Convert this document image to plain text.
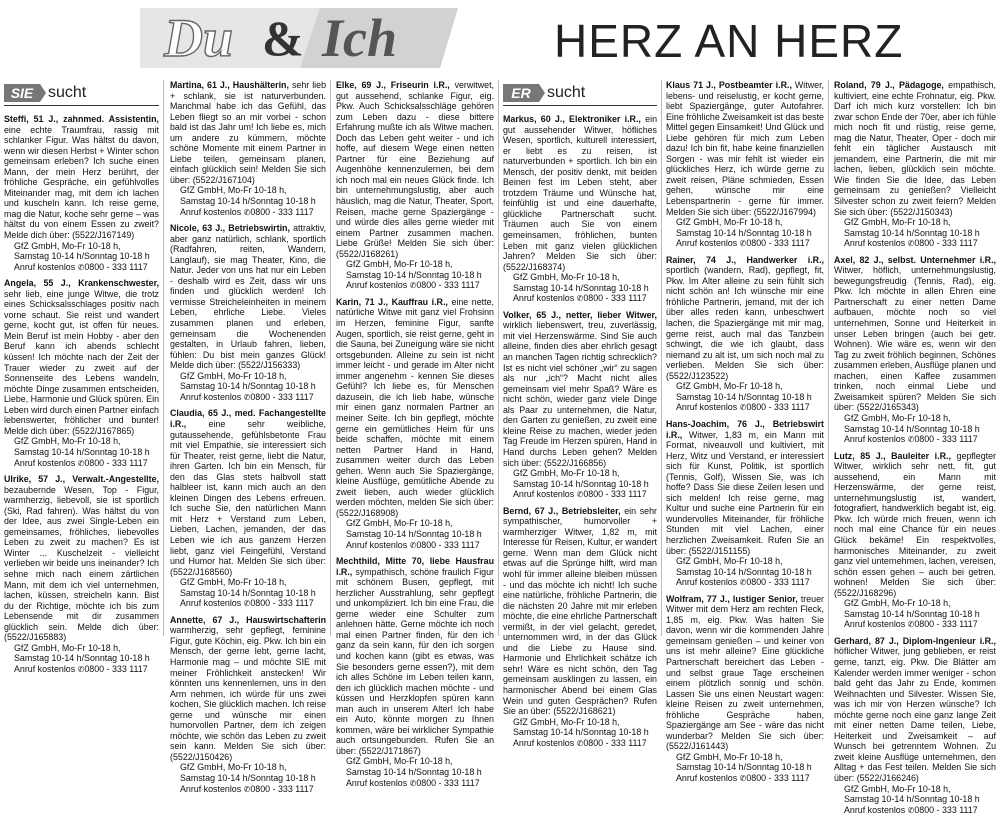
Du & Ich	HERZ AN HERZ
SIE sucht

Steffi, 51 J., zahnmed. Assistentin, eine echte Traumfrau, rassig mit schlanker Figur. Was hältst du davon, wenn wir diesen Herbst + Winter schon gemeinsam erleben? Ich suche einen Mann, der mein Herz berührt, der fröhliche Gespräche, ein gefühlvolles Miteinander mag, mit dem ich lachen und kuscheln kann. Ich reise gerne, mag die Natur, koche sehr gerne – was hältst du von einem Essen zu zweit? Melde dich über: (5522/J167149)

GfZ GmbH, Mo-Fr 10-18 h,
Samstag 10-14 h/Sonntag 10-18 h
Anruf kostenlos ✆0800 - 333 1117

Angela, 55 J., Krankenschwester, sehr lieb, eine junge Witwe, die trotz eines Schicksalsschlages positiv nach vorne schaut. Sie reist und wandert gerne, kocht gut, ist offen für neues. Mein Beruf ist mein Hobby - aber den Beruf kann ich abends schlecht küssen! Ich möchte nach der Zeit der Trauer wieder zu zweit auf der Sonnenseite des Lebens wandeln, möchte Dinge zusammen entscheiden, Liebe, Harmonie und Glück spüren. Ein Leben wird durch einen Partner einfach lebenswerter, fröhlicher und bunter! Melde dich über: (5522/J167865)

GfZ GmbH, Mo-Fr 10-18 h,
Samstag 10-14 h/Sonntag 10-18 h
Anruf kostenlos ✆0800 - 333 1117

Ulrike, 57 J., Verwalt.-Angestellte, bezaubernde Wesen, Top - Figur, warmherzig, liebevoll, sie ist sportlich (Ski, Rad fahren). Was hältst du von der Idee, aus zwei Single-Leben ein gemeinsames, fröhliches, liebevolles Leben zu zweit zu machen? Es ist Winter ... Kuschelzeit - vielleicht verlieben wir beide uns ineinander? Ich sehne mich nach einem zärtlichen Mann, mit dem ich viel unternehmen, lachen, küssen, streicheln kann. Bist du der Richtige, möchte ich bis zum Lebensende mit dir zusammen glücklich sein. Melde dich über: (5522/J165883)

GfZ GmbH, Mo-Fr 10-18 h,
Samstag 10-14 h/Sonntag 10-18 h
Anruf kostenlos ✆0800 - 333 1117

Martina, 61 J., Haushälterin, sehr lieb + schlank, sie ist naturverbunden. Manchmal habe ich das Gefühl, das Leben fliegt so an mir vorbei - schon bald ist das Jahr um! Ich liebe es, mich um andere zu kümmern, möchte schöne Momente mit einem Partner in Liebe teilen, gemeinsam planen, einfach glücklich sein! Melden Sie sich über: (5522/J167104)

GfZ GmbH, Mo-Fr 10-18 h,
Samstag 10-14 h/Sonntag 10-18 h
Anruf kostenlos ✆0800 - 333 1117

Nicole, 63 J., Betriebswirtin, attraktiv, aber ganz natürlich, schlank, sportlich (Radfahren, reiten, Wandern, Langlauf), sie mag Theater, Kino, die Natur. Jeder von uns hat nur ein Leben - deshalb wird es Zeit, dass wir uns finden und glücklich werden! Ich vermisse Streicheleinheiten in meinem Leben, ehrliche Liebe. Vieles zusammen planen und erleben, gemeinsam die Wochenenden gestalten, in Urlaub fahren, lieben, fühlen: Du bist mein ganzes Glück! Melde dich über: (5522/J156333)

GfZ GmbH, Mo-Fr 10-18 h,
Samstag 10-14 h/Sonntag 10-18 h
Anruf kostenlos ✆0800 - 333 1117

Claudia, 65 J., med. Fachangestellte i.R., eine sehr weibliche, gutaussehende, gefühlsbetonte Frau mit viel Empathie, sie interessiert sich für Theater, reist gerne, liebt die Natur, ihren Garten. Ich bin ein Mensch, für den das Glas stets halbvoll statt halbleer ist, kann mich auch an den kleinen Dingen des Lebens erfreuen. Ich suche Sie, den natürlichen Mann mit Herz + Verstand zum Leben, Lieben, Lachen, jemanden, der das Leben wie ich aus ganzem Herzen liebt, ganz viel Feingefühl, Verstand und Humor hat. Melden Sie sich über: (5522/J168560)

GfZ GmbH, Mo-Fr 10-18 h,
Samstag 10-14 h/Sonntag 10-18 h
Anruf kostenlos ✆0800 - 333 1117

Annette, 67 J., Hauswirtschafterin warmherzig, sehr gepflegt, feminine Figur, gute Köchin, eig. Pkw. Ich bin ein Mensch, der gerne lebt, gerne lacht, Harmonie mag – und möchte SIE mit meiner Fröhlichkeit anstecken! Wir könnten uns kennenlernen, uns in den Arm nehmen, ich würde für uns zwei kochen, Sie glücklich machen. Ich reise gerne und wünsche mir einen humorvollen Partner, dem ich zeigen möchte, wie schön das Leben zu zweit sein kann. Melden Sie sich über: (5522/J150426)

GfZ GmbH, Mo-Fr 10-18 h,
Samstag 10-14 h/Sonntag 10-18 h
Anruf kostenlos ✆0800 - 333 1117

Elke, 69 J., Friseurin i.R., verwitwet, gut aussehend, schlanke Figur, eig. Pkw. Auch Schicksalsschläge gehören zum Leben dazu - diese bittere Erfahrung mußte ich als Witwe machen. Doch das Leben geht weiter - und ich hoffe, auf diesem Wege einen netten Partner für eine Beziehung auf Augenhöhe kennenzulernen, bei dem ich noch mal ein neues Glück finde. Ich bin unternehmungslustig, aber auch häuslich, mag die Natur, Theater, Sport, Reisen, mache gerne Spaziergänge - und würde dies alles gerne wieder mit einem Partner zusammen machen. Liebe Grüße! Melden Sie sich über: (5522/J168261)

GfZ GmbH, Mo-Fr 10-18 h,
Samstag 10-14 h/Sonntag 10-18 h
Anruf kostenlos ✆0800 - 333 1117

Karin, 71 J., Kauffrau i.R., eine nette, natürliche Witwe mit ganz viel Frohsinn im Herzen, feminine Figur, sanfte Augen, sportlich, sie reist gerne, geht in die Sauna, bei Zuneigung wäre sie nicht ortsgebunden. Alleine zu sein ist nicht immer leicht - und gerade im Alter nicht immer angenehm - kennen Sie dieses Gefühl? Ich liebe es, für Menschen dazusein, die ich lieb habe, wünsche mir einen ganz normalen Partner an meiner Seite. Ich bin gepflegt, möchte gerne ein gemütliches Heim für uns beide schaffen, möchte mit einem netten Partner Hand in Hand, zusammen weiter durch das Leben gehen. Wenn auch Sie Spaziergänge, kleine Ausflüge, gemütliche Abende zu zweit lieben, auch wieder glücklich werden möchten, melden Sie sich über: (5522/J168908)

GfZ GmbH, Mo-Fr 10-18 h,
Samstag 10-14 h/Sonntag 10-18 h
Anruf kostenlos ✆0800 - 333 1117

Mechthild, Mitte 70, liebe Hausfrau i.R., sympathisch, schöne fraulich Figur mit schönem Busen, gepflegt, mit herzlicher Ausstrahlung, sehr gepflegt und unkompliziert. Ich bin eine Frau, die gerne wieder eine Schulter zum anlehnen hätte. Gerne möchte ich noch mal einen Partner finden, für den ich ganz da sein kann, für den ich sorgen und kochen kann (gibt es etwas, was Sie besonders gerne essen?), mit dem ich alles Schöne im Leben teilen kann, den ich glücklich machen möchte - und küssen und Herzklopfen spüren kann man auch in unserem Alter! Ich habe ein Auto, könnte morgen zu Ihnen kommen, wäre bei wirklicher Sympathie auch ortsungebunden. Rufen Sie an über: (5522/J171867)

GfZ GmbH, Mo-Fr 10-18 h,
Samstag 10-14 h/Sonntag 10-18 h
Anruf kostenlos ✆0800 - 333 1117
ER	sucht

Markus, 60 J., Elektroniker i.R., ein gut aussehender Witwer, höfliches Wesen, sportlich, kulturell interessiert, er liebt es zu reisen, ist naturverbunden + sportlich. Ich bin ein Mensch, der positiv denkt, mit beiden Beinen fest im Leben steht, aber trotzdem Träume und Wünsche hat, feinfühlig ist und eine dauerhafte, glückliche Partnerschaft sucht. Träumen auch Sie von einem gemeinsamen, fröhlichen, bunten Leben mit ganz vielen glücklichen Jahren? Melden Sie sich über: (5522/J168374)

GfZ GmbH, Mo-Fr 10-18 h,
Samstag 10-14 h/Sonntag 10-18 h
Anruf kostenlos ✆0800 - 333 1117

Volker, 65 J., netter, lieber Witwer, wirklich liebenswert, treu, zuverlässig, mit viel Herzenswärme. Sind Sie auch alleine, finden dies aber ehrlich gesagt an manchen Tagen richtig schrecklich? Ist es nicht viel schöner „wir“ zu sagen als nur „ich“? Macht nicht alles gemeinsam viel mehr Spaß? Wäre es nicht schön, wieder ganz viele Dinge als Paar zu unternehmen, die Natur, den Garten zu genießen, zu zweit eine kleine Reise zu machen, wieder jeden Tag Freude im Herzen spüren, Hand in Hand durchs Leben gehen? Melden sich über: (5522/J166856)

GfZ GmbH, Mo-Fr 10-18 h,
Samstag 10-14 h/Sonntag 10-18 h
Anruf kostenlos ✆0800 - 333 1117

Bernd, 67 J., Betriebsleiter, ein sehr sympathischer, humorvoller + warmherziger Witwer, 1,82 m, mit Interesse für Reisen, Kultur, er wandert gerne. Wenn man dem Glück nicht etwas auf die Sprünge hilft, wird man wohl für immer alleine bleiben müssen - und das möchte ich nicht! Ich suche eine natürliche, fröhliche Partnerin, die die nächsten 20 Jahre mit mir erleben möchte, die eine ehrliche Partnerschaft vermißt, in der viel gelacht, geredet, unternommen wird, in der das Glück und die Liebe zu Hause sind. Harmonie und Ehrlichkeit schätze ich sehr! Wäre es nicht schön, den Tag gemeinsam ausklingen zu lassen, ein harmonischer Abend bei einem Glas Wein und guten Gesprächen? Rufen Sie an über: (5522/J168621)

GfZ GmbH, Mo-Fr 10-18 h,
Samstag 10-14 h/Sonntag 10-18 h
Anruf kostenlos ✆0800 - 333 1117

Klaus 71 J., Postbeamter i.R., Witwer, lebens- und reiselustig, er kocht gerne, liebt Spaziergänge, guter Autofahrer. Eine fröhliche Zweisamkeit ist das beste Mittel gegen Einsamkeit! Und Glück und Liebe gehören für mich zum Leben dazu! Ich bin fit, habe keine finanziellen Sorgen - was mir fehlt ist wieder ein glückliches Herz, ich würde gerne zu zweit reisen, Pläne schmieden, Essen gehen, wünsche mir eine Lebenspartnerin - gerne für immer. Melden Sie sich über: (5522/J167994)

GfZ GmbH, Mo-Fr 10-18 h,
Samstag 10-14 h/Sonntag 10-18 h
Anruf kostenlos ✆0800 - 333 1117

Rainer, 74 J., Handwerker i.R., sportlich (wandern, Rad), gepflegt, fit, Pkw. Im Alter alleine zu sein fühlt sich nicht schön an! Ich wünsche mir eine fröhliche Partnerin, jemand, mit der ich über alles reden kann, unbeschwert lachen, die Spaziergänge mit mir mag, gerne reist, auch mal das Tanzbein schwingt, die wie ich glaubt, dass niemand zu alt ist, um sich noch mal zu verlieben. Melden Sie sich über: (5522/J123522)

GfZ GmbH, Mo-Fr 10-18 h,
Samstag 10-14 h/Sonntag 10-18 h
Anruf kostenlos ✆0800 - 333 1117

Hans-Joachim, 76 J., Betriebswirt i.R., Witwer, 1,83 m, ein Mann mit Format, niveauvoll und kultiviert, mit Herz, Witz und Verstand, er interessiert sich für Kunst, Politik, ist sportlich (Tennis, Golf), Wissen Sie, was ich hoffe? Dass Sie diese Zeilen lesen und sich melden! Ich reise gerne, mag Kultur und suche eine Partnerin für ein wundervolles Miteinander, für fröhliche Stunden mit viel Lachen, einer herzlichen Zweisamkeit. Rufen Sie an über: (5522/J151155)

GfZ GmbH, Mo-Fr 10-18 h,
Samstag 10-14 h/Sonntag 10-18 h
Anruf kostenlos ✆0800 - 333 1117

Wolfram, 77 J., lustiger Senior, treuer Witwer mit dem Herz am rechten Fleck, 1,85 m, eig. Pkw. Was halten Sie davon, wenn wir die kommenden Jahre gemeinsam genießen – und keiner von uns ist mehr alleine? Eine glückliche Partnerschaft bereichert das Leben - und selbst graue Tage erscheinen einem plötzlich sonnig und schön. Lassen Sie uns einen Neustart wagen: kleine Reisen zu zweit unternehmen, fröhliche Gespräche haben, Spaziergänge am See - wäre das nicht wunderbar? Melden Sie sich über: (5522/J161443)

GfZ GmbH, Mo-Fr 10-18 h,
Samstag 10-14 h/Sonntag 10-18 h
Anruf kostenlos ✆0800 - 333 1117

Roland, 79 J., Pädagoge, empathisch, kultiviert, eine echte Frohnatur, eig. Pkw. Darf ich mich kurz vorstellen: Ich bin zwar schon Ende der 70er, aber ich fühle mich noch fit und rüstig, reise gerne, mag die Natur, Theater, Oper - doch mir fehlt ein täglicher Austausch mit jemandem, eine Partnerin, die mit mir lachen, lieben, glücklich sein möchte. Wie finden Sie die Idee, das Leben gemeinsam zu genießen? Vielleicht Silvester schon zu zweit feiern? Melden Sie sich über: (5522/J150343)

GfZ GmbH, Mo-Fr 10-18 h,
Samstag 10-14 h/Sonntag 10-18 h
Anruf kostenlos ✆0800 - 333 1117

Axel, 82 J., selbst. Unternehmer i.R., Witwer, höflich, unternehmungslustig, bewegungsfreudig (Tennis, Rad), eig. Pkw. Ich möchte in allen Ehren eine Partnerschaft zu einer netten Dame aufbauen, möchte noch so viel unternehmen, Sonne und Heiterkeit in unser Leben bringen (auch bei getr. Wohnen). Wie wäre es, wenn wir den Tag zu zweit fröhlich beginnen, Schönes zusammen erleben, Ausflüge planen und machen, einen Kaffee zusammen trinken, noch einmal Liebe und Zweisamkeit spüren? Melden Sie sich über: (5522/J165343)

GfZ GmbH, Mo-Fr 10-18 h,
Samstag 10-14 h/Sonntag 10-18 h
Anruf kostenlos ✆0800 - 333 1117

Lutz, 85 J., Bauleiter i.R., gepflegter Witwer, wirklich sehr nett, fit, gut aussehend, ein Mann mit Herzenswärme, der gerne reist, unternehmungslustig ist, wandert, fotografiert, handwerklich begabt ist, eig. Pkw. Ich würde mich freuen, wenn ich noch mal eine Chance für ein neues Glück bekäme! Ein respektvolles, harmonisches Miteinander, zu zweit ganz viel unternehmen, lachen, vereisen, schön essen gehen – auch bei getren. wohnen! Melden Sie sich über: (5522/J168296)

GfZ GmbH, Mo-Fr 10-18 h,
Samstag 10-14 h/Sonntag 10-18 h
Anruf kostenlos ✆0800 - 333 1117

Gerhard, 87 J., Diplom-Ingenieur i.R., höflicher Witwer, jung geblieben, er reist gerne, tanzt, eig. Pkw. Die Blätter am Kalender werden immer weniger - schon bald geht das Jahr zu Ende, kommen Weihnachten und Silvester. Wissen Sie, was ich mir von Herzen wünsche? Ich möchte gerne noch eine ganz lange Zeit mit einer netten Dame teilen, Liebe, Heiterkeit und Zweisamkeit – auf Wunsch bei getrenntem Wohnen. Zu zweit kleine Ausflüge unternehmen, den Alltag + das Fest teilen. Melden Sie sich über: (5522/J166246)

GfZ GmbH, Mo-Fr 10-18 h,
Samstag 10-14 h/Sonntag 10-18 h
Anruf kostenlos ✆0800 - 333 1117
